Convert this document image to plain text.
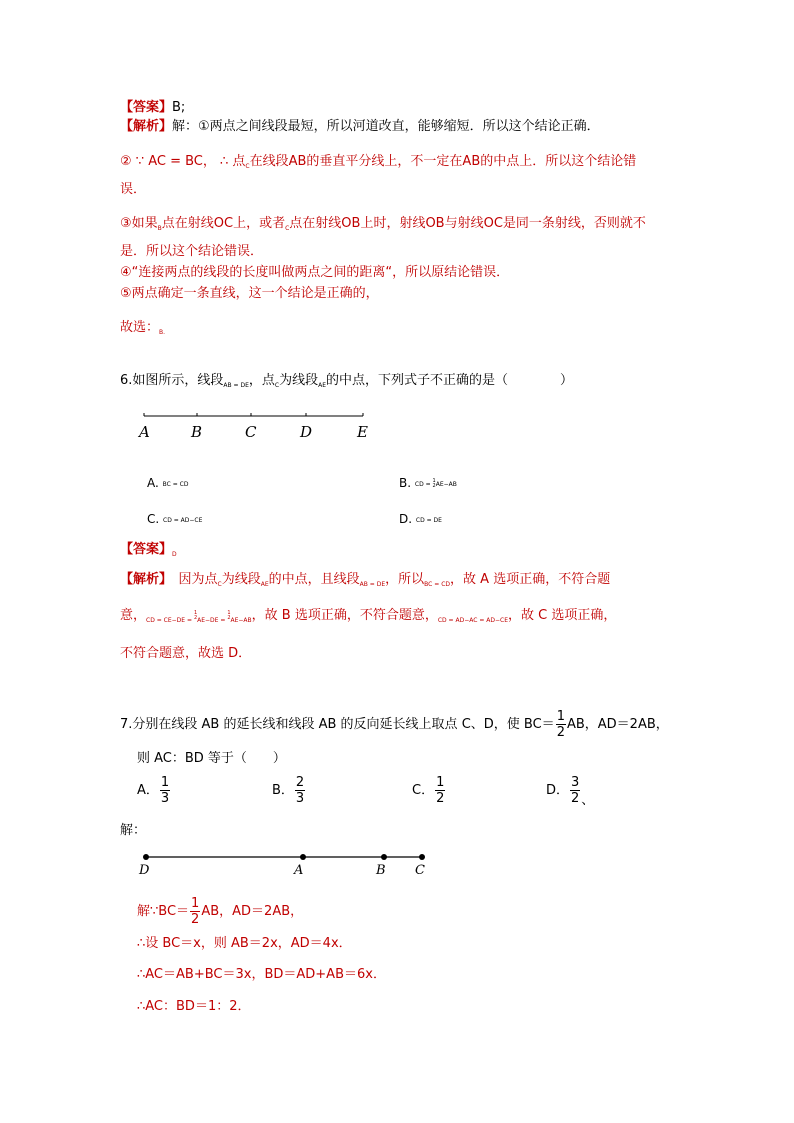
【答案】B;
【解析】解：①两点之间线段最短，所以河道改直，能够缩短．所以这个结论正确．
② ∵ AC = BC， ∴ 点$_C$在线段AB的垂直平分线上，不一定在AB的中点上．所以这个结论错
误．
③如果$_B$点在射线OC上，或者$_C$点在射线OB上时，射线OB与射线OC是同一条射线，否则就不
是．所以这个结论错误．
④“连接两点的线段的长度叫做两点之间的距离“，所以原结论错误．
⑤两点确定一条直线，这一个结论是正确的，
故选：$_{B.}$
6.如图所示，线段$_{AB = DE}$，点$_C$为线段$_{AE}$的中点，下列式子不正确的是（　　　　）
A	B	C	D	E
A. BC = CD	B. CD =
1
2 AE−AB
C. CD = AD−CE	D. CD = DE
【答案】$_D$
【解析】　因为点$_C$为线段$_{AE}$的中点，且线段$_{AB = DE}$，所以$_{BC = CD}$，故 A 选项正确，不符合题
意，$_{CD = CE-DE =}$
1
2 $_{AE-DE =}$
1
2 $_{AE-AB}$，故 B 选项正确，不符合题意，$_{CD = AD-AC = AD-CE}$，故 C 选项正确，
不符合题意，故选 D．
7.分别在线段 AB 的延长线和线段 AB 的反向延长线上取点 C、D，使 $BC= \frac{1}{2}$ AB，AD＝2AB，
则 AC：BD 等于（　　）
A． $\frac{1}{3}$	B． $\frac{2}{3}$	C． $\frac{1}{2}$	D． $\frac{3}{2}$ 、
解：
D	A	B C
解∵BC＝ $\frac{1}{2}$ AB，AD＝2AB，
∴设 BC＝x，则 AB＝2x，AD＝4x．
∴AC＝AB+BC＝3x，BD＝AD+AB＝6x．
∴AC：BD＝1：2．
